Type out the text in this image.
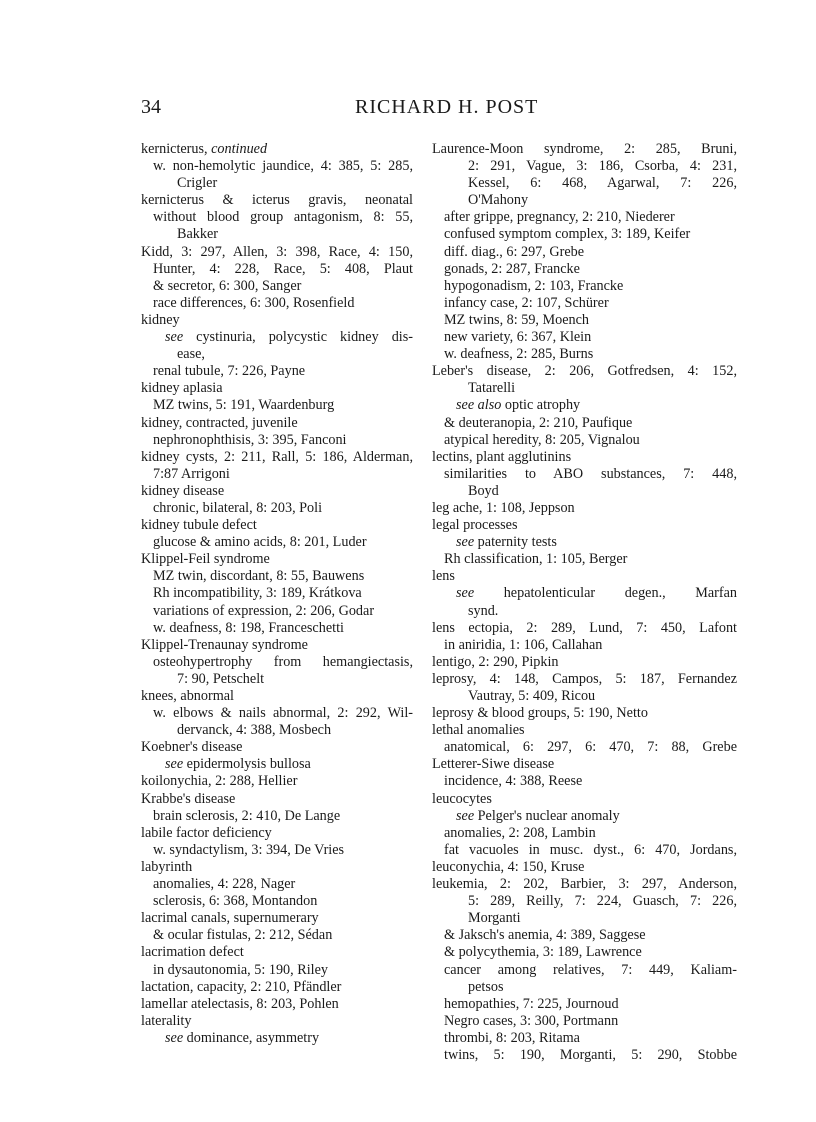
34	RICHARD H. POST
kernicterus, continued
w. non-hemolytic jaundice, 4: 385, 5: 285,
Crigler
kernicterus & icterus gravis, neonatal
without blood group antagonism, 8: 55,
Bakker
Kidd, 3: 297, Allen, 3: 398, Race, 4: 150,
Hunter, 4: 228, Race, 5: 408, Plaut
& secretor, 6: 300, Sanger
race differences, 6: 300, Rosenfield
kidney
see cystinuria, polycystic kidney dis-
ease,
renal tubule, 7: 226, Payne
kidney aplasia
MZ twins, 5: 191, Waardenburg
kidney, contracted, juvenile
nephronophthisis, 3: 395, Fanconi
kidney cysts, 2: 211, Rall, 5: 186, Alderman,
7:87 Arrigoni
kidney disease
chronic, bilateral, 8: 203, Poli
kidney tubule defect
glucose & amino acids, 8: 201, Luder
Klippel-Feil syndrome
MZ twin, discordant, 8: 55, Bauwens
Rh incompatibility, 3: 189, Krátkova
variations of expression, 2: 206, Godar
w. deafness, 8: 198, Franceschetti
Klippel-Trenaunay syndrome
osteohypertrophy from hemangiectasis,
7: 90, Petschelt
knees, abnormal
w. elbows & nails abnormal, 2: 292, Wil-
dervanck, 4: 388, Mosbech
Koebner's disease
see epidermolysis bullosa
koilonychia, 2: 288, Hellier
Krabbe's disease
brain sclerosis, 2: 410, De Lange
labile factor deficiency
w. syndactylism, 3: 394, De Vries
labyrinth
anomalies, 4: 228, Nager
sclerosis, 6: 368, Montandon
lacrimal canals, supernumerary
& ocular fistulas, 2: 212, Sédan
lacrimation defect
in dysautonomia, 5: 190, Riley
lactation, capacity, 2: 210, Pfändler
lamellar atelectasis, 8: 203, Pohlen
laterality
see dominance, asymmetry
Laurence-Moon syndrome, 2: 285, Bruni,
2: 291, Vague, 3: 186, Csorba, 4: 231,
Kessel, 6: 468, Agarwal, 7: 226,
O'Mahony
after grippe, pregnancy, 2: 210, Niederer
confused symptom complex, 3: 189, Keifer
diff. diag., 6: 297, Grebe
gonads, 2: 287, Francke
hypogonadism, 2: 103, Francke
infancy case, 2: 107, Schürer
MZ twins, 8: 59, Moench
new variety, 6: 367, Klein
w. deafness, 2: 285, Burns
Leber's disease, 2: 206, Gotfredsen, 4: 152,
Tatarelli
see also optic atrophy
& deuteranopia, 2: 210, Paufique
atypical heredity, 8: 205, Vignalou
lectins, plant agglutinins
similarities to ABO substances, 7: 448,
Boyd
leg ache, 1: 108, Jeppson
legal processes
see paternity tests
Rh classification, 1: 105, Berger
lens
see hepatolenticular degen., Marfan
synd.
lens ectopia, 2: 289, Lund, 7: 450, Lafont
in aniridia, 1: 106, Callahan
lentigo, 2: 290, Pipkin
leprosy, 4: 148, Campos, 5: 187, Fernandez
Vautray, 5: 409, Ricou
leprosy & blood groups, 5: 190, Netto
lethal anomalies
anatomical, 6: 297, 6: 470, 7: 88, Grebe
Letterer-Siwe disease
incidence, 4: 388, Reese
leucocytes
see Pelger's nuclear anomaly
anomalies, 2: 208, Lambin
fat vacuoles in musc. dyst., 6: 470, Jordans,
leuconychia, 4: 150, Kruse
leukemia, 2: 202, Barbier, 3: 297, Anderson,
5: 289, Reilly, 7: 224, Guasch, 7: 226,
Morganti
& Jaksch's anemia, 4: 389, Saggese
& polycythemia, 3: 189, Lawrence
cancer among relatives, 7: 449, Kaliam-
petsos
hemopathies, 7: 225, Journoud
Negro cases, 3: 300, Portmann
thrombi, 8: 203, Ritama
twins, 5: 190, Morganti, 5: 290, Stobbe
